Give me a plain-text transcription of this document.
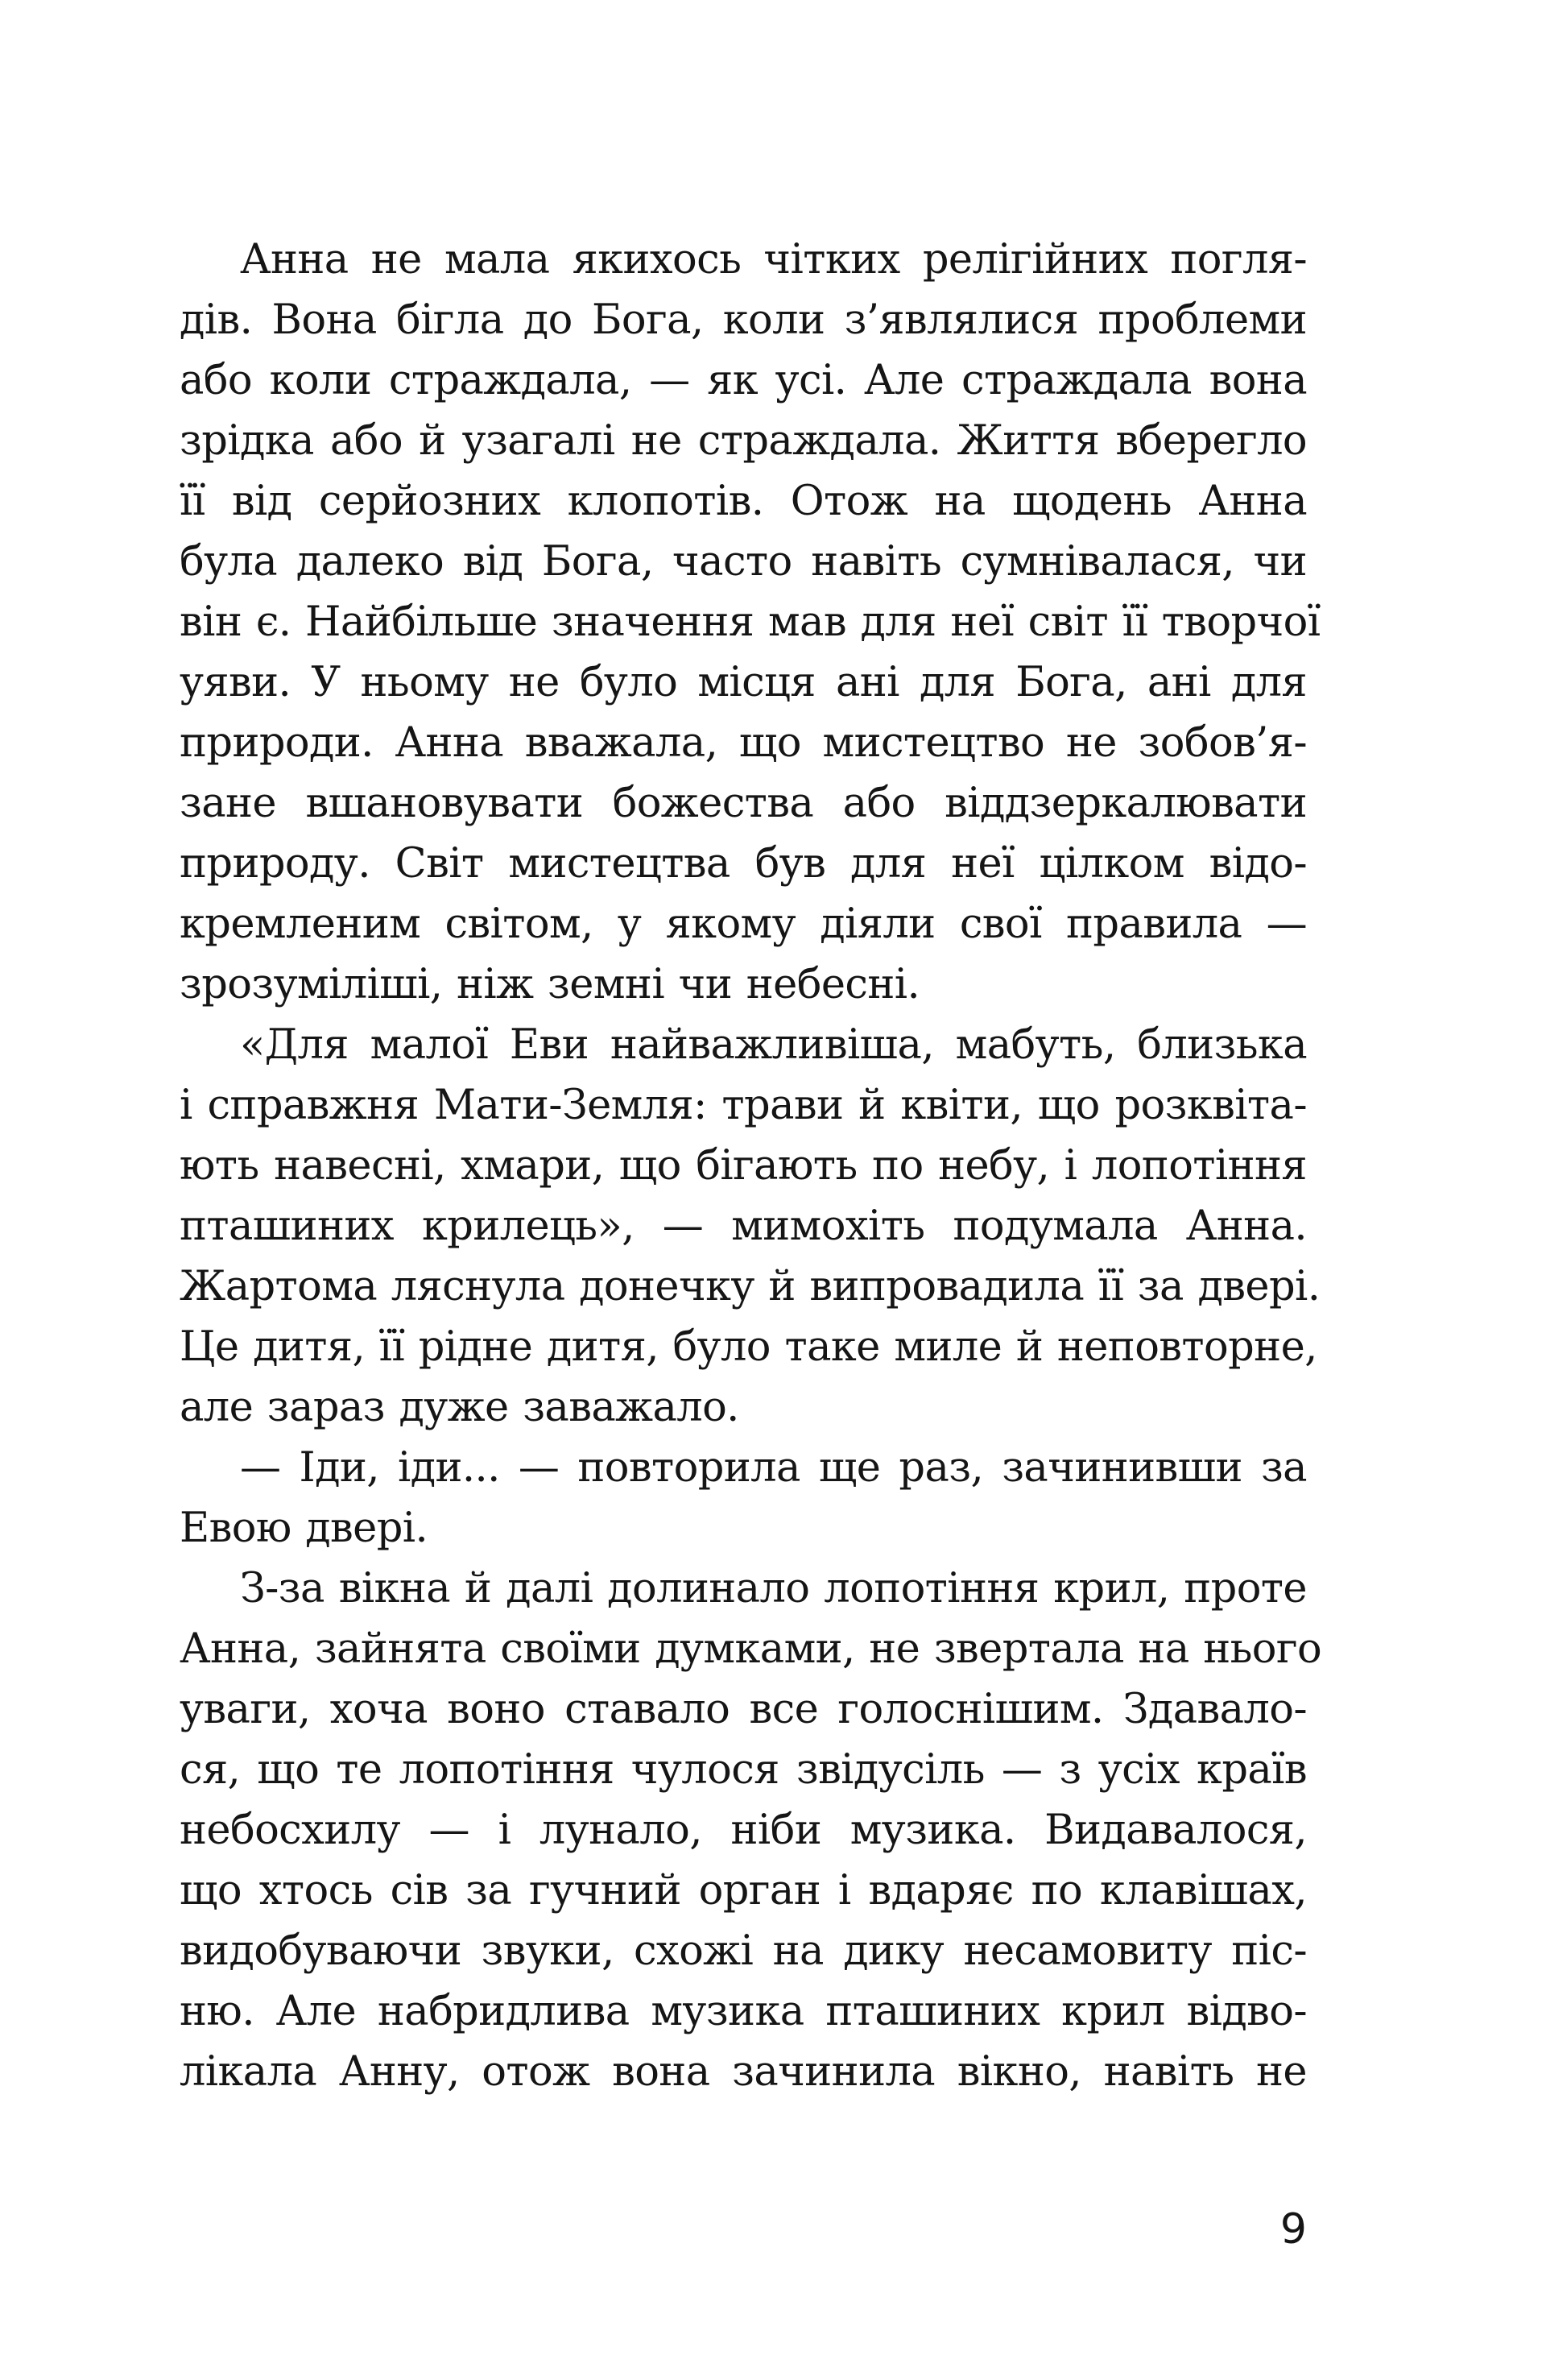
Анна не мала якихось чітких релігійних погля-
дів. Вона бігла до Бога, коли з’являлися проблеми
або коли страждала, — як усі. Але страждала вона
зрідка або й узагалі не страждала. Життя вберегло
її від серйозних клопотів. Отож на щодень Анна
була далеко від Бога, часто навіть сумнівалася, чи
він є. Найбільше значення мав для неї світ її творчої
уяви. У ньому не було місця ані для Бога, ані для
природи. Анна вважала, що мистецтво не зобов’я-
зане вшановувати божества або віддзеркалювати
природу. Світ мистецтва був для неї цілком відо-
кремленим світом, у якому діяли свої правила —
зрозуміліші, ніж земні чи небесні.
«Для малої Еви найважливіша, мабуть, близька
і справжня Мати-Земля: трави й квіти, що розквіта-
ють навесні, хмари, що бігають по небу, і лопотіння
пташиних крилець», — мимохіть подумала Анна.
Жартома ляснула донечку й випровадила її за двері.
Це дитя, її рідне дитя, було таке миле й неповторне,
але зараз дуже заважало.
— Іди, іди... — повторила ще раз, зачинивши за
Евою двері.
З-за вікна й далі долинало лопотіння крил, проте
Анна, зайнята своїми думками, не звертала на нього
уваги, хоча воно ставало все голоснішим. Здавало-
ся, що те лопотіння чулося звідусіль — з усіх країв
небосхилу — і лунало, ніби музика. Видавалося,
що хтось сів за гучний орган і вдаряє по клавішах,
видобуваючи звуки, схожі на дику несамовиту піс-
ню. Але набридлива музика пташиних крил відво-
лікала Анну, отож вона зачинила вікно, навіть не
9
